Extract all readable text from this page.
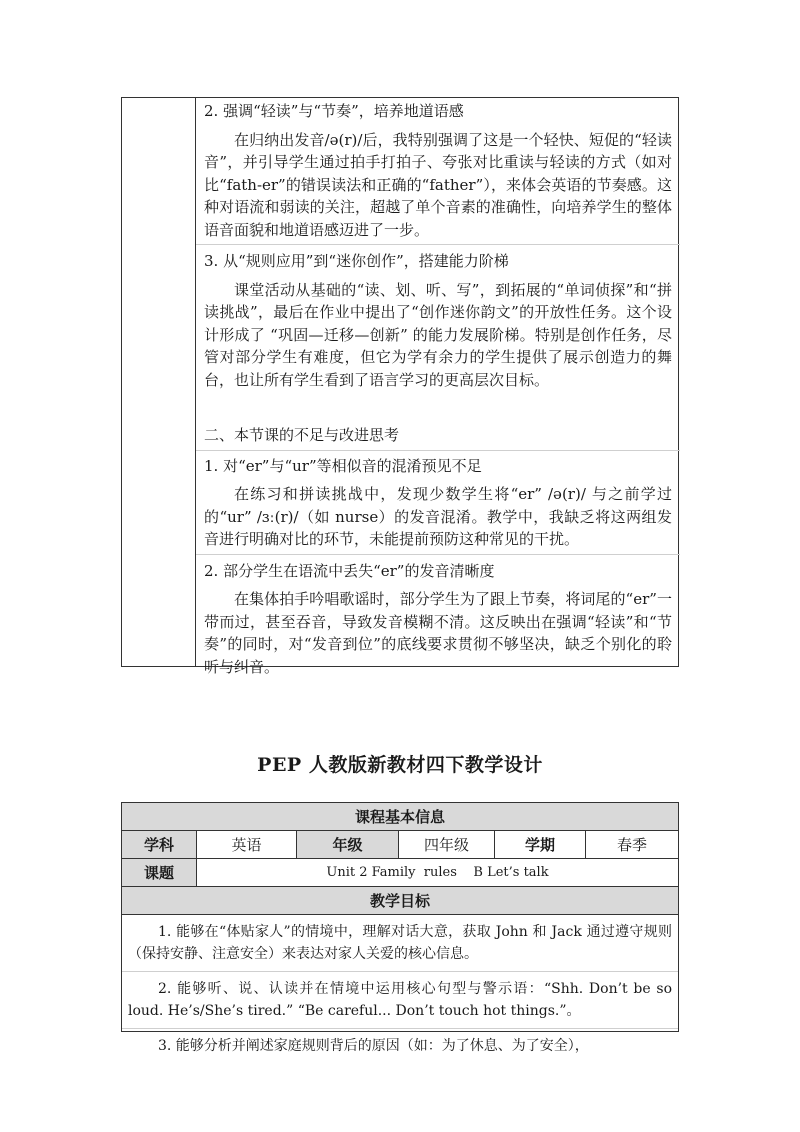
2. 强调“轻读”与“节奏”，培养地道语感

在归纳出发音/ə(r)/后，我特别强调了这是一个轻快、短促的“轻读音”，并引导学生通过拍手打拍子、夸张对比重读与轻读的方式（如对比“fath-er”的错误读法和正确的“father”），来体会英语的节奏感。这种对语流和弱读的关注，超越了单个音素的准确性，向培养学生的整体语音面貌和地道语感迈进了一步。

3. 从“规则应用”到“迷你创作”，搭建能力阶梯

课堂活动从基础的“读、划、听、写”，到拓展的“单词侦探”和“拼读挑战”，最后在作业中提出了“创作迷你韵文”的开放性任务。这个设计形成了 “巩固—迁移—创新” 的能力发展阶梯。特别是创作任务，尽管对部分学生有难度，但它为学有余力的学生提供了展示创造力的舞台，也让所有学生看到了语言学习的更高层次目标。

二、本节课的不足与改进思考

1. 对“er”与“ur”等相似音的混淆预见不足

在练习和拼读挑战中，发现少数学生将“er” /ə(r)/ 与之前学过的“ur” /ɜː(r)/（如 nurse）的发音混淆。教学中，我缺乏将这两组发音进行明确对比的环节，未能提前预防这种常见的干扰。

2. 部分学生在语流中丢失“er”的发音清晰度

在集体拍手吟唱歌谣时，部分学生为了跟上节奏，将词尾的“er”一带而过，甚至吞音，导致发音模糊不清。这反映出在强调“轻读”和“节奏”的同时，对“发音到位”的底线要求贯彻不够坚决，缺乏个别化的聆听与纠音。

PEP 人教版新教材四下教学设计
课程基本信息
学科	英语	年级	四年级	学期	春季
课题	Unit 2 Family  rules    B Let’s talk
教学目标

1. 能够在“体贴家人”的情境中，理解对话大意，获取 John 和 Jack 通过遵守规则（保持安静、注意安全）来表达对家人关爱的核心信息。

2. 能够听、说、认读并在情境中运用核心句型与警示语：“Shh. Don’t be so loud. He’s/She’s tired.” “Be careful... Don’t touch hot things.”。

3. 能够分析并阐述家庭规则背后的原因（如：为了休息、为了安全），
